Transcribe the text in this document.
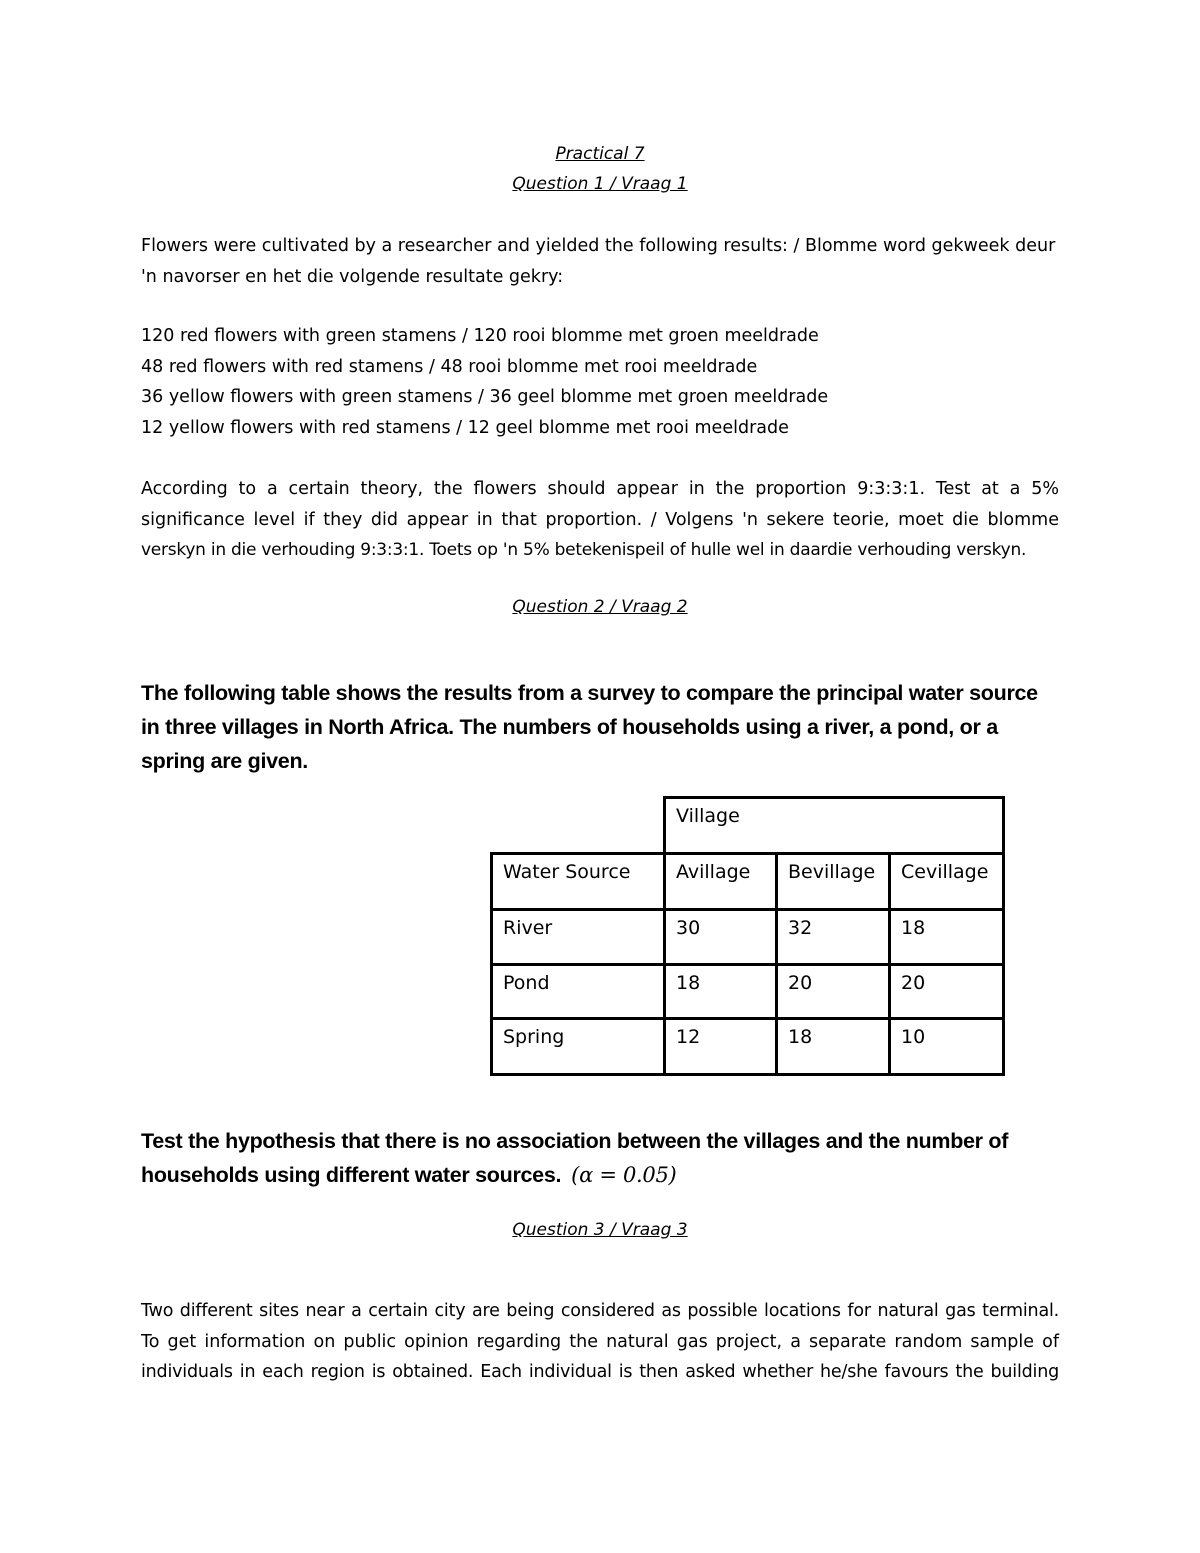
Practical 7
Question 1 / Vraag 1

Flowers were cultivated by a researcher and yielded the following results: / Blomme word gekweek deur

'n navorser en het die volgende resultate gekry:

120 red flowers with green stamens / 120 rooi blomme met groen meeldrade
48 red flowers with red stamens / 48 rooi blomme met rooi meeldrade
36 yellow flowers with green stamens / 36 geel blomme met groen meeldrade
12 yellow flowers with red stamens / 12 geel blomme met rooi meeldrade

According to a certain theory, the flowers should appear in the proportion 9:3:3:1. Test at a 5%

significance level if they did appear in that proportion. / Volgens 'n sekere teorie, moet die blomme

verskyn in die verhouding 9:3:3:1. Toets op 'n 5% betekenispeil of hulle wel in daardie verhouding verskyn.

Question 2 / Vraag 2
The following table shows the results from a survey to compare the principal water source in three villages in North Africa. The numbers of households using a river, a pond, or a spring are given.
	Village		
Water Source	Avillage	Bevillage	Cevillage
River	30	32	18
Pond	18	20	20
Spring	12	18	10
Test the hypothesis that there is no association between the villages and the number of households using different water sources. (α = 0.05)
Question 3 / Vraag 3

Two different sites near a certain city are being considered as possible locations for natural gas terminal.

To get information on public opinion regarding the natural gas project, a separate random sample of

individuals in each region is obtained. Each individual is then asked whether he/she favours the building
